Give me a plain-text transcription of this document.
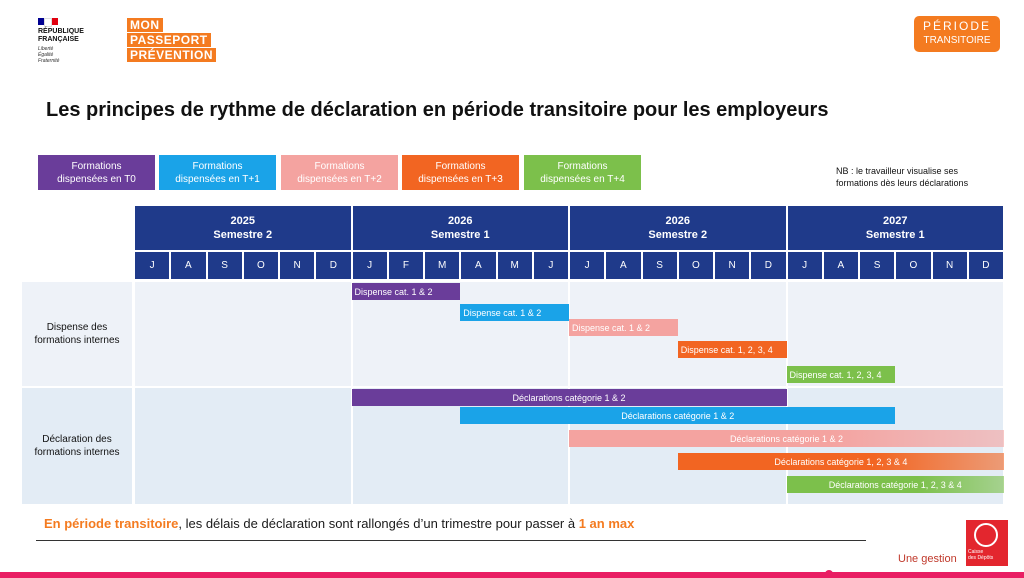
RÉPUBLIQUE
FRANÇAISE
Liberté
Égalité
Fraternité
MON
PASSEPORT
PRÉVENTION
PÉRIODE
TRANSITOIRE
Les principes de rythme de déclaration en période transitoire pour les employeurs
Formations
dispensées en T0
Formations
dispensées en T+1
Formations
dispensées en T+2
Formations
dispensées en T+3
Formations
dispensées en T+4
NB : le travailleur visualise ses
formations dès leurs déclarations
2025
Semestre 2
2026
Semestre 1
2026
Semestre 2
2027
Semestre 1
J	A	S	O	N	D	J	F	M	A	M	J	J	A	S	O	N	D	J	A	S	O	N	D
Dispense des
formations internes
Déclaration des
formations internes
Dispense cat. 1 & 2
Dispense cat. 1 & 2
Dispense cat. 1 & 2
Dispense cat. 1, 2, 3, 4
Dispense cat. 1, 2, 3, 4
Déclarations catégorie 1 & 2
Déclarations catégorie 1 & 2
Déclarations catégorie 1 & 2
Déclarations catégorie 1, 2, 3 & 4
Déclarations catégorie 1, 2, 3 & 4
En période transitoire, les délais de déclaration sont rallongés d’un trimestre pour passer à 1 an max
Une gestion
Caisse
des Dépôts
